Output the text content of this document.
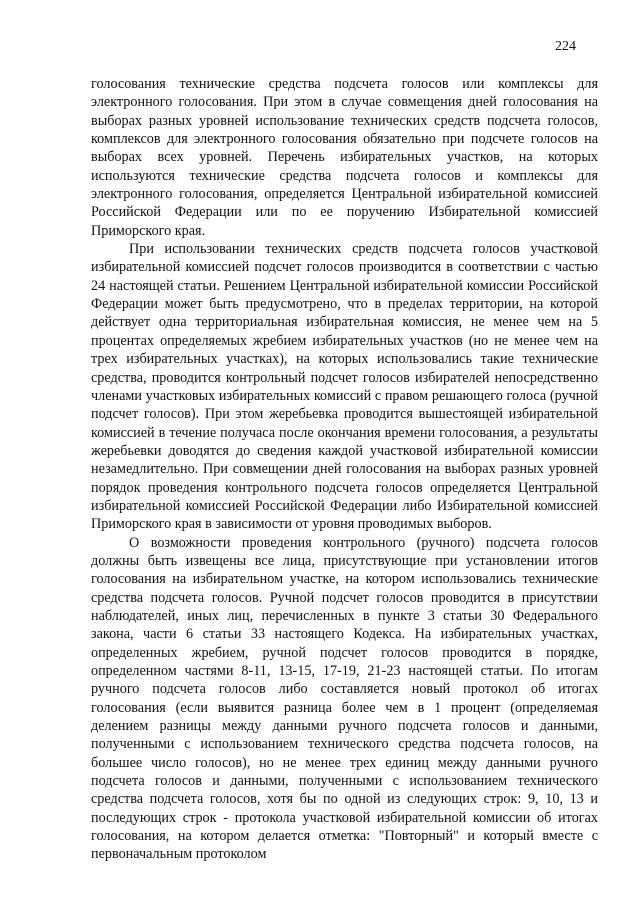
224

голосования технические средства подсчета голосов или комплексы для электронного голосования. При этом в случае совмещения дней голосования на выборах разных уровней использование технических средств подсчета голосов, комплексов для электронного голосования обязательно при подсчете голосов на выборах всех уровней. Перечень избирательных участков, на которых используются технические средства подсчета голосов и комплексы для электронного голосования, определяется Центральной избирательной комиссией Российской Федерации или по ее поручению Избирательной комиссией Приморского края.

При использовании технических средств подсчета голосов участковой избирательной комиссией подсчет голосов производится в соответствии с частью 24 настоящей статьи. Решением Центральной избирательной комиссии Российской Федерации может быть предусмотрено, что в пределах территории, на которой действует одна территориальная избирательная комиссия, не менее чем на 5 процентах определяемых жребием избирательных участков (но не менее чем на трех избирательных участках), на которых использовались такие технические средства, проводится контрольный подсчет голосов избирателей непосредственно членами участковых избирательных комиссий с правом решающего голоса (ручной подсчет голосов). При этом жеребьевка проводится вышестоящей избирательной комиссией в течение получаса после окончания времени голосования, а результаты жеребьевки доводятся до сведения каждой участковой избирательной комиссии незамедлительно. При совмещении дней голосования на выборах разных уровней порядок проведения контрольного подсчета голосов определяется Центральной избирательной комиссией Российской Федерации либо Избирательной комиссией Приморского края в зависимости от уровня проводимых выборов.

О возможности проведения контрольного (ручного) подсчета голосов должны быть извещены все лица, присутствующие при установлении итогов голосования на избирательном участке, на котором использовались технические средства подсчета голосов. Ручной подсчет голосов проводится в присутствии наблюдателей, иных лиц, перечисленных в пункте 3 статьи 30 Федерального закона, части 6 статьи 33 настоящего Кодекса. На избирательных участках, определенных жребием, ручной подсчет голосов проводится в порядке, определенном частями 8-11, 13-15, 17-19, 21-23 настоящей статьи. По итогам ручного подсчета голосов либо составляется новый протокол об итогах голосования (если выявится разница более чем в 1 процент (определяемая делением разницы между данными ручного подсчета голосов и данными, полученными с использованием технического средства подсчета голосов, на большее число голосов), но не менее трех единиц между данными ручного подсчета голосов и данными, полученными с использованием технического средства подсчета голосов, хотя бы по одной из следующих строк: 9, 10, 13 и последующих строк - протокола участковой избирательной комиссии об итогах голосования, на котором делается отметка: "Повторный" и который вместе с первоначальным протоколом
